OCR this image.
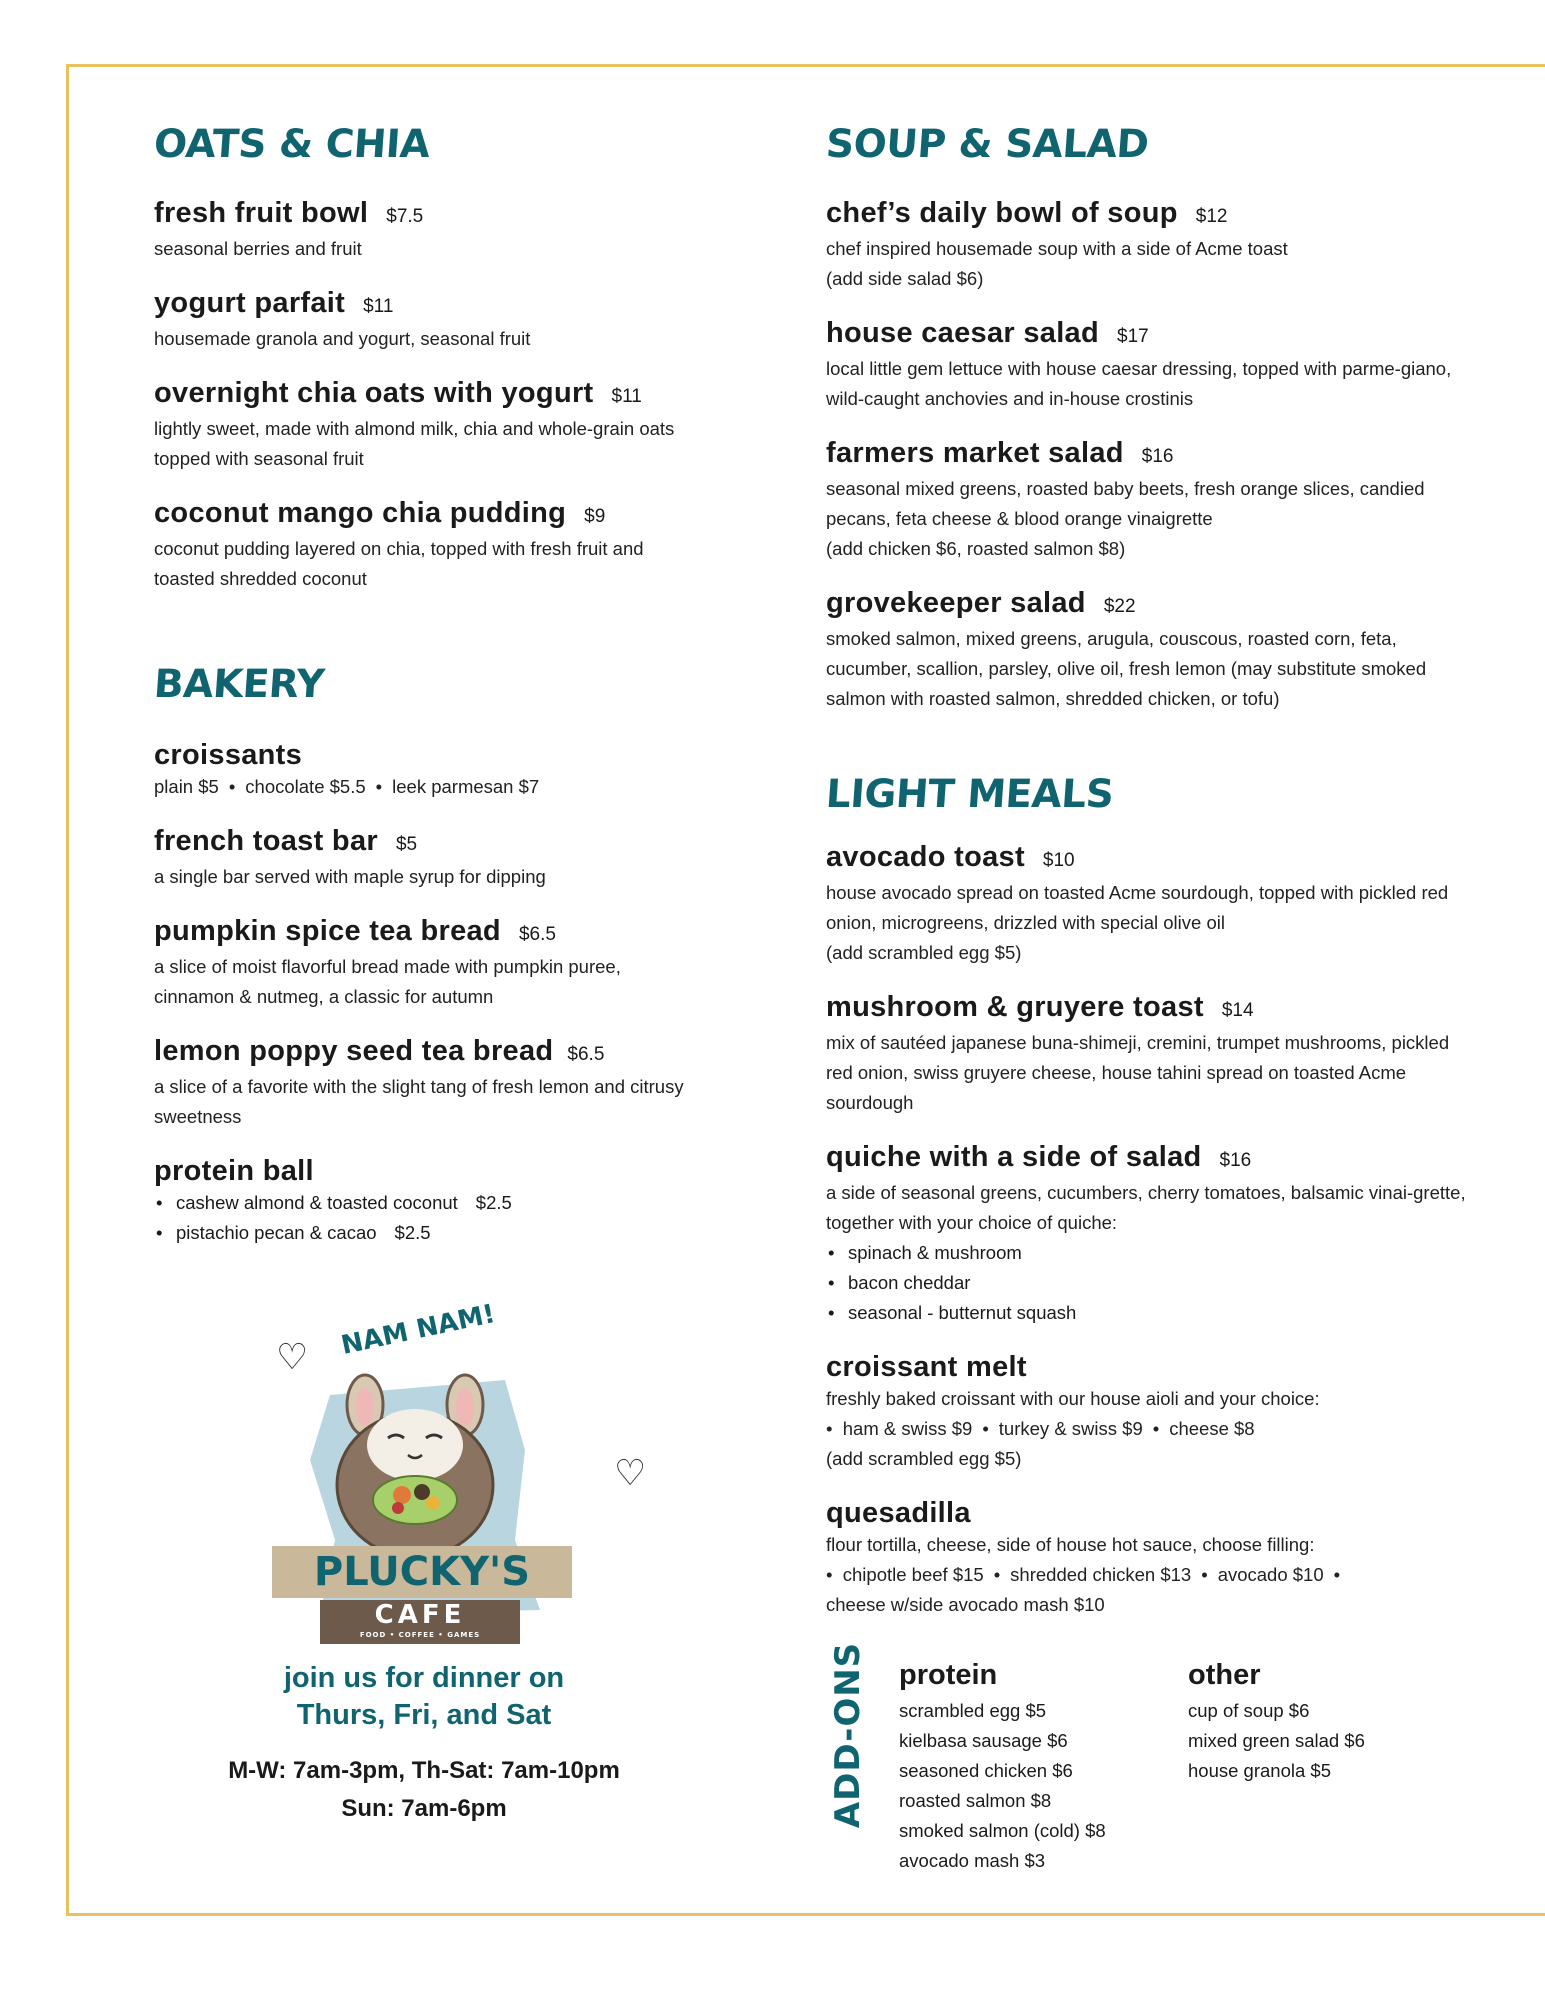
OATS & CHIA
fresh fruit bowl $7.5
seasonal berries and fruit
yogurt parfait $11
housemade granola and yogurt, seasonal fruit
overnight chia oats with yogurt $11
lightly sweet, made with almond milk, chia and whole-grain oats topped with seasonal fruit
coconut mango chia pudding $9
coconut pudding layered on chia, topped with fresh fruit and toasted shredded coconut
BAKERY
croissants
plain $5 • chocolate $5.5 • leek parmesan $7
french toast bar $5
a single bar served with maple syrup for dipping
pumpkin spice tea bread $6.5
a slice of moist flavorful bread made with pumpkin puree, cinnamon & nutmeg, a classic for autumn
lemon poppy seed tea bread $6.5
a slice of a favorite with the slight tang of fresh lemon and citrusy sweetness
protein ball
• cashew almond & toasted coconut $2.5
• pistachio pecan & cacao $2.5
♡
♡
NAM NAM!
PLUCKY'S
CAFE
FOOD • COFFEE • GAMES
join us for dinner on
Thurs, Fri, and Sat
M-W: 7am-3pm, Th-Sat: 7am-10pm
Sun: 7am-6pm
SOUP & SALAD
chef’s daily bowl of soup $12
chef inspired housemade soup with a side of Acme toast
(add side salad $6)
house caesar salad $17
local little gem lettuce with house caesar dressing, topped with parme-giano, wild-caught anchovies and in-house crostinis
farmers market salad $16
seasonal mixed greens, roasted baby beets, fresh orange slices, candied pecans, feta cheese & blood orange vinaigrette
(add chicken $6, roasted salmon $8)
grovekeeper salad $22
smoked salmon, mixed greens, arugula, couscous, roasted corn, feta, cucumber, scallion, parsley, olive oil, fresh lemon (may substitute smoked salmon with roasted salmon, shredded chicken, or tofu)
LIGHT MEALS
avocado toast $10
house avocado spread on toasted Acme sourdough, topped with pickled red onion, microgreens, drizzled with special olive oil
(add scrambled egg $5)
mushroom & gruyere toast $14
mix of sautéed japanese buna-shimeji, cremini, trumpet mushrooms, pickled red onion, swiss gruyere cheese, house tahini spread on toasted Acme sourdough
quiche with a side of salad $16
a side of seasonal greens, cucumbers, cherry tomatoes, balsamic vinai-grette, together with your choice of quiche:
• spinach & mushroom
• bacon cheddar
• seasonal - butternut squash
croissant melt
freshly baked croissant with our house aioli and your choice:
• ham & swiss $9 • turkey & swiss $9 • cheese $8
(add scrambled egg $5)
quesadilla
flour tortilla, cheese, side of house hot sauce, choose filling:
• chipotle beef $15 • shredded chicken $13 • avocado $10 •
cheese w/side avocado mash $10
ADD-ONS protein
scrambled egg $5
kielbasa sausage $6
seasoned chicken $6
roasted salmon $8
smoked salmon (cold) $8
avocado mash $3
other
cup of soup $6
mixed green salad $6
house granola $5
